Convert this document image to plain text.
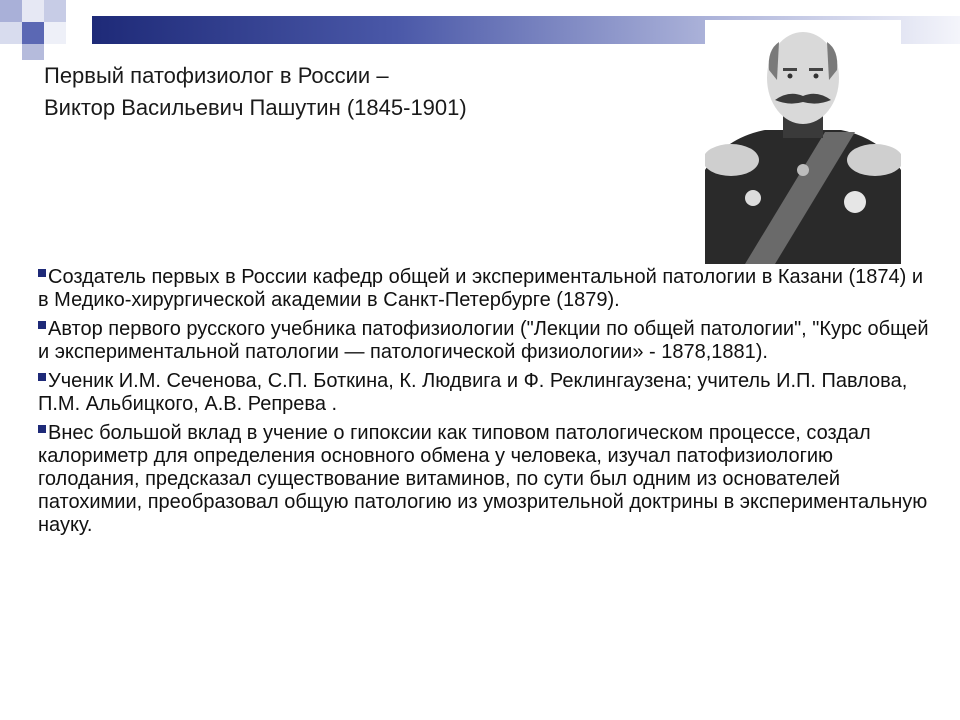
Первый патофизиолог в России –
Виктор Васильевич Пашутин (1845-1901)
Создатель первых в России кафедр общей и экспериментальной патологии в Казани (1874) и в Медико-хирургической академии в Санкт-Петербурге (1879).
Автор первого русского учебника патофизиологии ("Лекции по общей патологии", "Курс общей и экспериментальной патологии — патологической физиологии» - 1878,1881).
Ученик И.М. Сеченова, С.П. Боткина, К. Людвига и Ф. Реклингаузена; учитель И.П. Павлова, П.М. Альбицкого, А.В. Репрева .
Внес большой вклад в учение о гипоксии как типовом патологическом процессе, создал калориметр для определения основного обмена у человека, изучал патофизиологию голодания, предсказал существование витаминов, по сути был одним из основателей патохимии, преобразовал общую патологию из умозрительной доктрины в экспериментальную науку.
